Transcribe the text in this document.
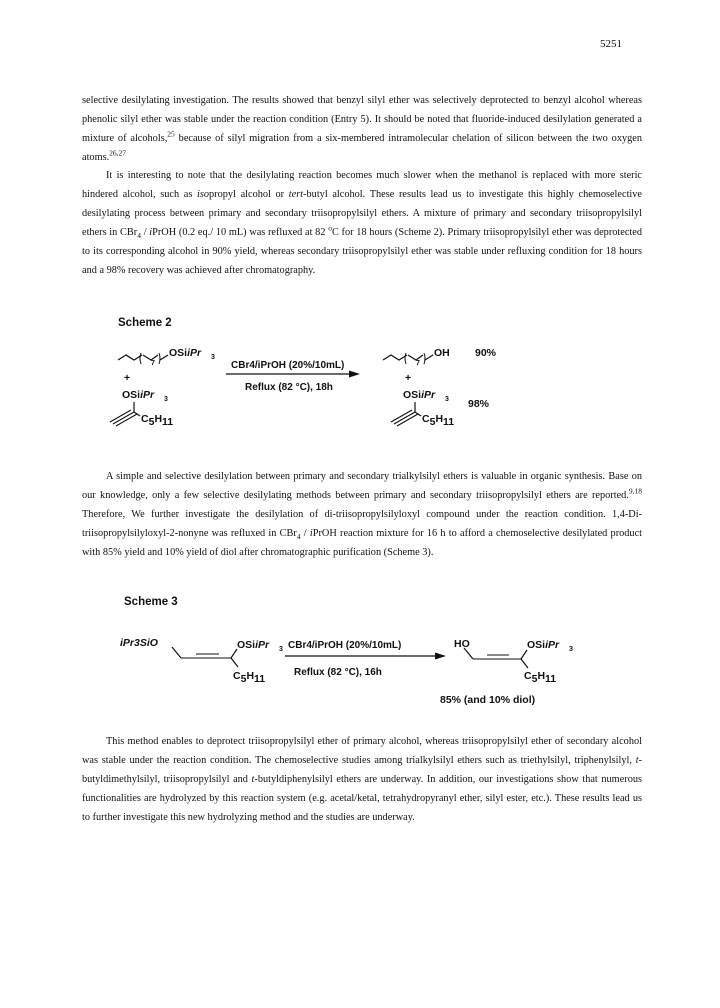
5251

selective desilylating investigation. The results showed that benzyl silyl ether was selectively deprotected to benzyl alcohol whereas phenolic silyl ether was stable under the reaction condition (Entry 5). It should be noted that fluoride-induced desilylation generated a mixture of alcohols,$^{25}$ because of silyl migration from a six-membered intramolecular chelation of silicon between the two oxygen atoms.$^{26,27}$

It is interesting to note that the desilylating reaction becomes much slower when the methanol is replaced with more steric hindered alcohol, such as isopropyl alcohol or tert-butyl alcohol. These results lead us to investigate this highly chemoselective desilylating process between primary and secondary triisopropylsilyl ethers. A mixture of primary and secondary triisopropylsilyl ethers in CBr$_4$ / iPrOH (0.2 eq./ 10 mL) was refluxed at 82 $^o$C for 18 hours (Scheme 2). Primary triisopropylsilyl ether was deprotected to its corresponding alcohol in 90% yield, whereas secondary triisopropylsilyl ether was stable under refluxing condition for 18 hours and a 98% recovery was achieved after chromatography.

Scheme 2
7
OSiiPr 3
+
OSiiPr 3
C5H11
CBr4/iPrOH (20%/10mL)
Reflux (82 °C), 18h
7
OH 90%
+
OSiiPr 3 98%
C5H11

A simple and selective desilylation between primary and secondary trialkylsilyl ethers is valuable in organic synthesis. Base on our knowledge, only a few selective desilylating methods between primary and secondary triisopropylsilyl ethers are reported.$^{9,18}$ Therefore, We further investigate the desilylation of di-triisopropylsilyloxyl compound under the reaction condition. 1,4-Di-triisopropylsilyloxyl-2-nonyne was refluxed in CBr$_4$ / iPrOH reaction mixture for 16 h to afford a chemoselective desilylated product with 85% yield and 10% yield of diol after chromatographic purification (Scheme 3).

Scheme 3
iPr3SiO	OSiiPr 3
C5H11
CBr4/iPrOH (20%/10mL)
Reflux (82 °C), 16h
HO	OSiiPr 3
C5H11
85% (and 10% diol)

This method enables to deprotect triisopropylsilyl ether of primary alcohol, whereas triisopropylsilyl ether of secondary alcohol was stable under the reaction condition. The chemoselective studies among trialkylsilyl ethers such as triethylsilyl, triphenylsilyl, t-butyldimethylsilyl, triisopropylsilyl and t-butyldiphenylsilyl ethers are underway. In addition, our investigations show that numerous functionalities are hydrolyzed by this reaction system (e.g. acetal/ketal, tetrahydropyranyl ether, silyl ester, etc.). These results lead us to further investigate this new hydrolyzing method and the studies are underway.
